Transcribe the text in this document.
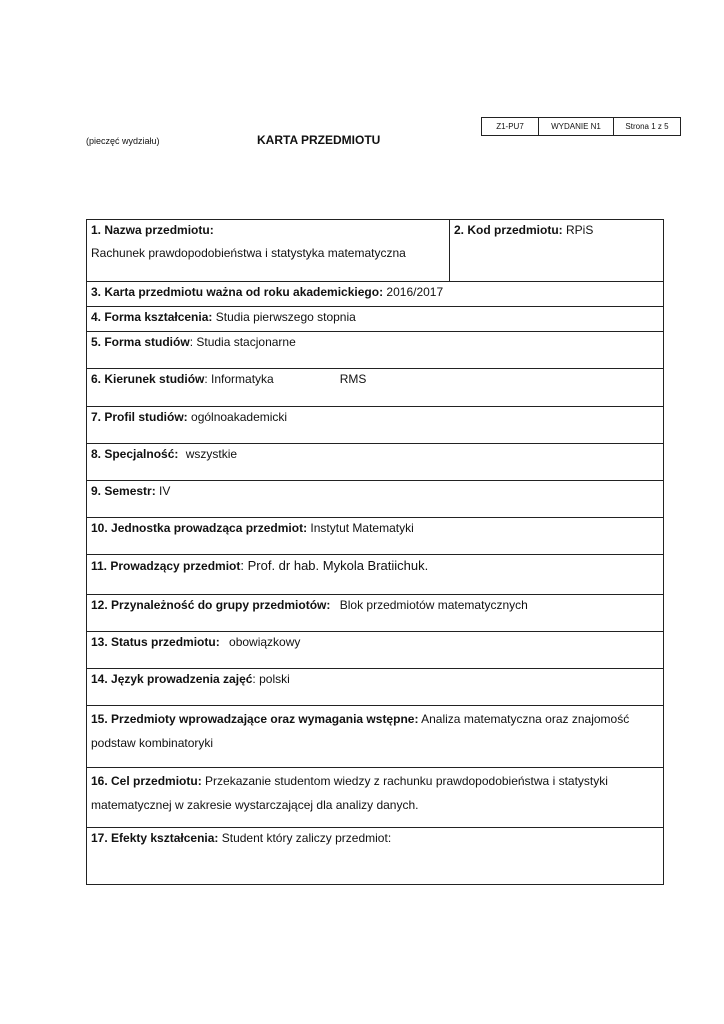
Z1-PU7	WYDANIE N1	Strona 1 z 5
(pieczęć wydziału)	KARTA PRZEDMIOTU
1. Nazwa przedmiotu:
Rachunek prawdopodobieństwa i statystyka matematyczna
	2. Kod przedmiotu: RPiS
3. Karta przedmiotu ważna od roku akademickiego: 2016/2017
4. Forma kształcenia: Studia pierwszego stopnia
5. Forma studiów: Studia stacjonarne
6. Kierunek studiów: Informatyka	RMS
7. Profil studiów: ogólnoakademicki
8. Specjalność: wszystkie
9. Semestr: IV
10. Jednostka prowadząca przedmiot: Instytut Matematyki
11. Prowadzący przedmiot: Prof. dr hab. Mykola Bratiichuk.
12. Przynależność do grupy przedmiotów: Blok przedmiotów matematycznych
13. Status przedmiotu: obowiązkowy
14. Język prowadzenia zajęć: polski

15. Przedmioty wprowadzające oraz wymagania wstępne: Analiza matematyczna oraz znajomość
podstaw kombinatoryki

16. Cel przedmiotu: Przekazanie studentom wiedzy z rachunku prawdopodobieństwa i statystyki
matematycznej w zakresie wystarczającej dla analizy danych.

17. Efekty kształcenia: Student który zaliczy przedmiot:
